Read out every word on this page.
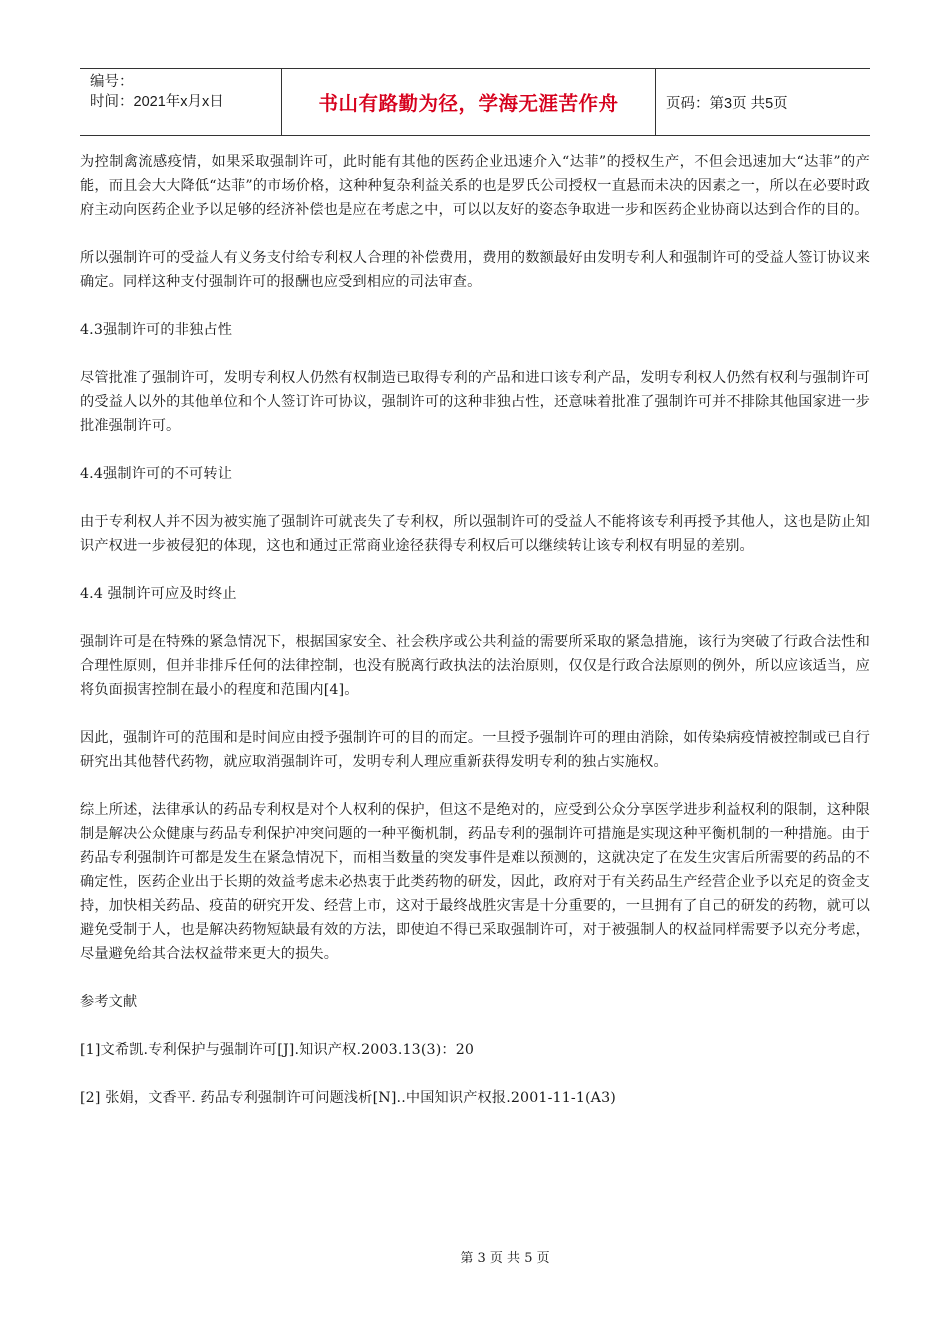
编号：
时间：2021年x月x日	书山有路勤为径，学海无涯苦作舟	页码：第3页 共5页

为控制禽流感疫情，如果采取强制许可，此时能有其他的医药企业迅速介入“达菲”的授权生产，不但会迅速加大“达菲”的产能，而且会大大降低“达菲”的市场价格，这种种复杂利益关系的也是罗氏公司授权一直悬而未决的因素之一，所以在必要时政府主动向医药企业予以足够的经济补偿也是应在考虑之中，可以以友好的姿态争取进一步和医药企业协商以达到合作的目的。

所以强制许可的受益人有义务支付给专利权人合理的补偿费用，费用的数额最好由发明专利人和强制许可的受益人签订协议来确定。同样这种支付强制许可的报酬也应受到相应的司法审查。

4.3强制许可的非独占性

尽管批准了强制许可，发明专利权人仍然有权制造已取得专利的产品和进口该专利产品，发明专利权人仍然有权利与强制许可的受益人以外的其他单位和个人签订许可协议，强制许可的这种非独占性，还意味着批准了强制许可并不排除其他国家进一步批准强制许可。

4.4强制许可的不可转让

由于专利权人并不因为被实施了强制许可就丧失了专利权，所以强制许可的受益人不能将该专利再授予其他人，这也是防止知识产权进一步被侵犯的体现，这也和通过正常商业途径获得专利权后可以继续转让该专利权有明显的差别。

4.4 强制许可应及时终止

强制许可是在特殊的紧急情况下，根据国家安全、社会秩序或公共利益的需要所采取的紧急措施，该行为突破了行政合法性和合理性原则，但并非排斥任何的法律控制，也没有脱离行政执法的法治原则，仅仅是行政合法原则的例外，所以应该适当，应将负面损害控制在最小的程度和范围内[4]。

因此，强制许可的范围和是时间应由授予强制许可的目的而定。一旦授予强制许可的理由消除，如传染病疫情被控制或已自行研究出其他替代药物，就应取消强制许可，发明专利人理应重新获得发明专利的独占实施权。

综上所述，法律承认的药品专利权是对个人权利的保护，但这不是绝对的，应受到公众分享医学进步利益权利的限制，这种限制是解决公众健康与药品专利保护冲突问题的一种平衡机制，药品专利的强制许可措施是实现这种平衡机制的一种措施。由于药品专利强制许可都是发生在紧急情况下，而相当数量的突发事件是难以预测的，这就决定了在发生灾害后所需要的药品的不确定性，医药企业出于长期的效益考虑未必热衷于此类药物的研发，因此，政府对于有关药品生产经营企业予以充足的资金支持，加快相关药品、疫苗的研究开发、经营上市，这对于最终战胜灾害是十分重要的，一旦拥有了自己的研发的药物，就可以避免受制于人，也是解决药物短缺最有效的方法，即使迫不得已采取强制许可，对于被强制人的权益同样需要予以充分考虑，尽量避免给其合法权益带来更大的损失。

参考文献

[1]文希凯.专利保护与强制许可[J].知识产权.2003.13(3)：20

[2] 张娟，文香平. 药品专利强制许可问题浅析[N]..中国知识产权报.2001-11-1(A3)

第 3 页 共 5 页
